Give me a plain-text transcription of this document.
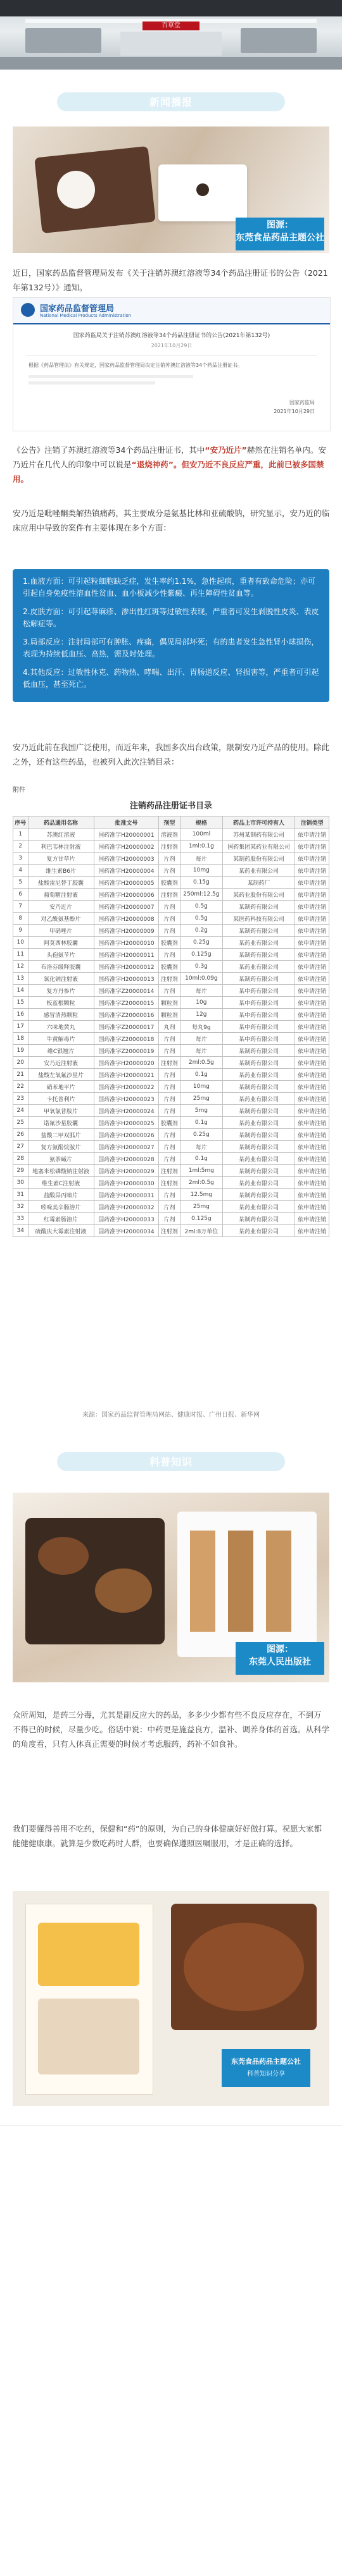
百草堂
新闻播报
图源：
东莞食品药品主题公社
近日，国家药品监督管理局发布《关于注销苏澳红溶液等34个药品注册证书的公告（2021年第132号）》通知。
国家药品监督管理局
National Medical Products Administration
国家药监局关于注销苏澳红溶液等34个药品注册证书的公告(2021年第132号)
2021年10月29日
根据《药品管理法》有关规定，国家药品监督管理局决定注销苏澳红溶液等34个药品注册证书。
国家药监局
2021年10月29日
《公告》注销了苏澳红溶液等34个药品注册证书，其中“安乃近片”赫然在注销名单内。安乃近片在几代人的印象中可以说是“退烧神药”。但安乃近不良反应严重，此前已被多国禁用。
安乃近是吡唑酮类解热镇痛药，其主要成分是氨基比林和亚硫酸钠，研究显示，安乃近的临床应用中导致的案件有主要体现在多个方面：
1.血液方面：可引起粒细胞缺乏症，发生率约1.1%，急性起病，重者有致命危险；亦可引起自身免疫性溶血性贫血、血小板减少性紫癜、再生障碍性贫血等。
2.皮肤方面：可引起荨麻疹、渗出性红斑等过敏性表现，严重者可发生剥脱性皮炎、表皮松解症等。
3.局部反应：注射局部可有肿胀、疼痛，偶见局部坏死；有的患者发生急性肾小球损伤，表现为持续低血压、高热，需及时处理。
4.其他反应：过敏性休克、药物热、哮喘、出汗、胃肠道反应、肾损害等，严重者可引起低血压，甚至死亡。
安乃近此前在我国广泛使用，而近年来，我国多次出台政策，限制安乃近产品的使用。除此之外，还有这些药品，也被列入此次注销目录：
附件
注销药品注册证书目录
序号	药品通用名称	批准文号	剂型	规格	药品上市许可持有人	注销类型
1	苏澳红溶液	国药准字H20000001	溶液剂	100ml	苏州某制药有限公司	依申请注销
2	利巴韦林注射液	国药准字H20000002	注射剂	1ml:0.1g	国药集团某药业有限公司	依申请注销
3	复方甘草片	国药准字H20000003	片剂	每片	某制药股份有限公司	依申请注销
4	维生素B6片	国药准字H20000004	片剂	10mg	某药业有限公司	依申请注销
5	盐酸雷尼替丁胶囊	国药准字H20000005	胶囊剂	0.15g	某制药厂	依申请注销
6	葡萄糖注射液	国药准字H20000006	注射剂	250ml:12.5g	某药业股份有限公司	依申请注销
7	安乃近片	国药准字H20000007	片剂	0.5g	某制药有限公司	依申请注销
8	对乙酰氨基酚片	国药准字H20000008	片剂	0.5g	某医药科技有限公司	依申请注销
9	甲硝唑片	国药准字H20000009	片剂	0.2g	某制药有限公司	依申请注销
10	阿莫西林胶囊	国药准字H20000010	胶囊剂	0.25g	某药业有限公司	依申请注销
11	头孢氨苄片	国药准字H20000011	片剂	0.125g	某制药有限公司	依申请注销
12	布洛芬缓释胶囊	国药准字H20000012	胶囊剂	0.3g	某药业有限公司	依申请注销
13	氯化钠注射液	国药准字H20000013	注射剂	10ml:0.09g	某制药有限公司	依申请注销
14	复方丹参片	国药准字Z20000014	片剂	每片	某中药有限公司	依申请注销
15	板蓝根颗粒	国药准字Z20000015	颗粒剂	10g	某中药有限公司	依申请注销
16	感冒清热颗粒	国药准字Z20000016	颗粒剂	12g	某中药有限公司	依申请注销
17	六味地黄丸	国药准字Z20000017	丸剂	每丸9g	某中药有限公司	依申请注销
18	牛黄解毒片	国药准字Z20000018	片剂	每片	某中药有限公司	依申请注销
19	维C银翘片	国药准字Z20000019	片剂	每片	某制药有限公司	依申请注销
20	安乃近注射液	国药准字H20000020	注射剂	2ml:0.5g	某制药有限公司	依申请注销
21	盐酸左氧氟沙星片	国药准字H20000021	片剂	0.1g	某药业有限公司	依申请注销
22	硝苯地平片	国药准字H20000022	片剂	10mg	某制药有限公司	依申请注销
23	卡托普利片	国药准字H20000023	片剂	25mg	某药业有限公司	依申请注销
24	甲氧氯普胺片	国药准字H20000024	片剂	5mg	某制药有限公司	依申请注销
25	诺氟沙星胶囊	国药准字H20000025	胶囊剂	0.1g	某药业有限公司	依申请注销
26	盐酸二甲双胍片	国药准字H20000026	片剂	0.25g	某制药有限公司	依申请注销
27	复方氨酚烷胺片	国药准字H20000027	片剂	每片	某制药有限公司	依申请注销
28	氨茶碱片	国药准字H20000028	片剂	0.1g	某药业有限公司	依申请注销
29	地塞米松磷酸钠注射液	国药准字H20000029	注射剂	1ml:5mg	某制药有限公司	依申请注销
30	维生素C注射液	国药准字H20000030	注射剂	2ml:0.5g	某药业有限公司	依申请注销
31	盐酸异丙嗪片	国药准字H20000031	片剂	12.5mg	某制药有限公司	依申请注销
32	吲哚美辛肠溶片	国药准字H20000032	片剂	25mg	某药业有限公司	依申请注销
33	红霉素肠溶片	国药准字H20000033	片剂	0.125g	某制药有限公司	依申请注销
34	硫酸庆大霉素注射液	国药准字H20000034	注射剂	2ml:8万单位	某药业有限公司	依申请注销
来源：国家药品监督管理局网站、健康时报、广州日报、新华网
科普知识
图源：
东莞人民出版社
众所周知，是药三分毒，尤其是副反应大的药品，多多少少都有些不良反应存在，不到万不得已的时候，尽量少吃。俗话中说：中药更是施益良方，温补、调养身体的首选。从科学的角度看，只有人体真正需要的时候才考虑服药，药补不如食补。
我们要懂得善用不吃药，保健和“药”的原则，为自己的身体健康好好做打算。祝愿大家都能健健康康。就算是少数吃药时人群，也要确保遵照医嘱服用，才是正确的选择。
东莞食品药品主题公社
科普知识分享
